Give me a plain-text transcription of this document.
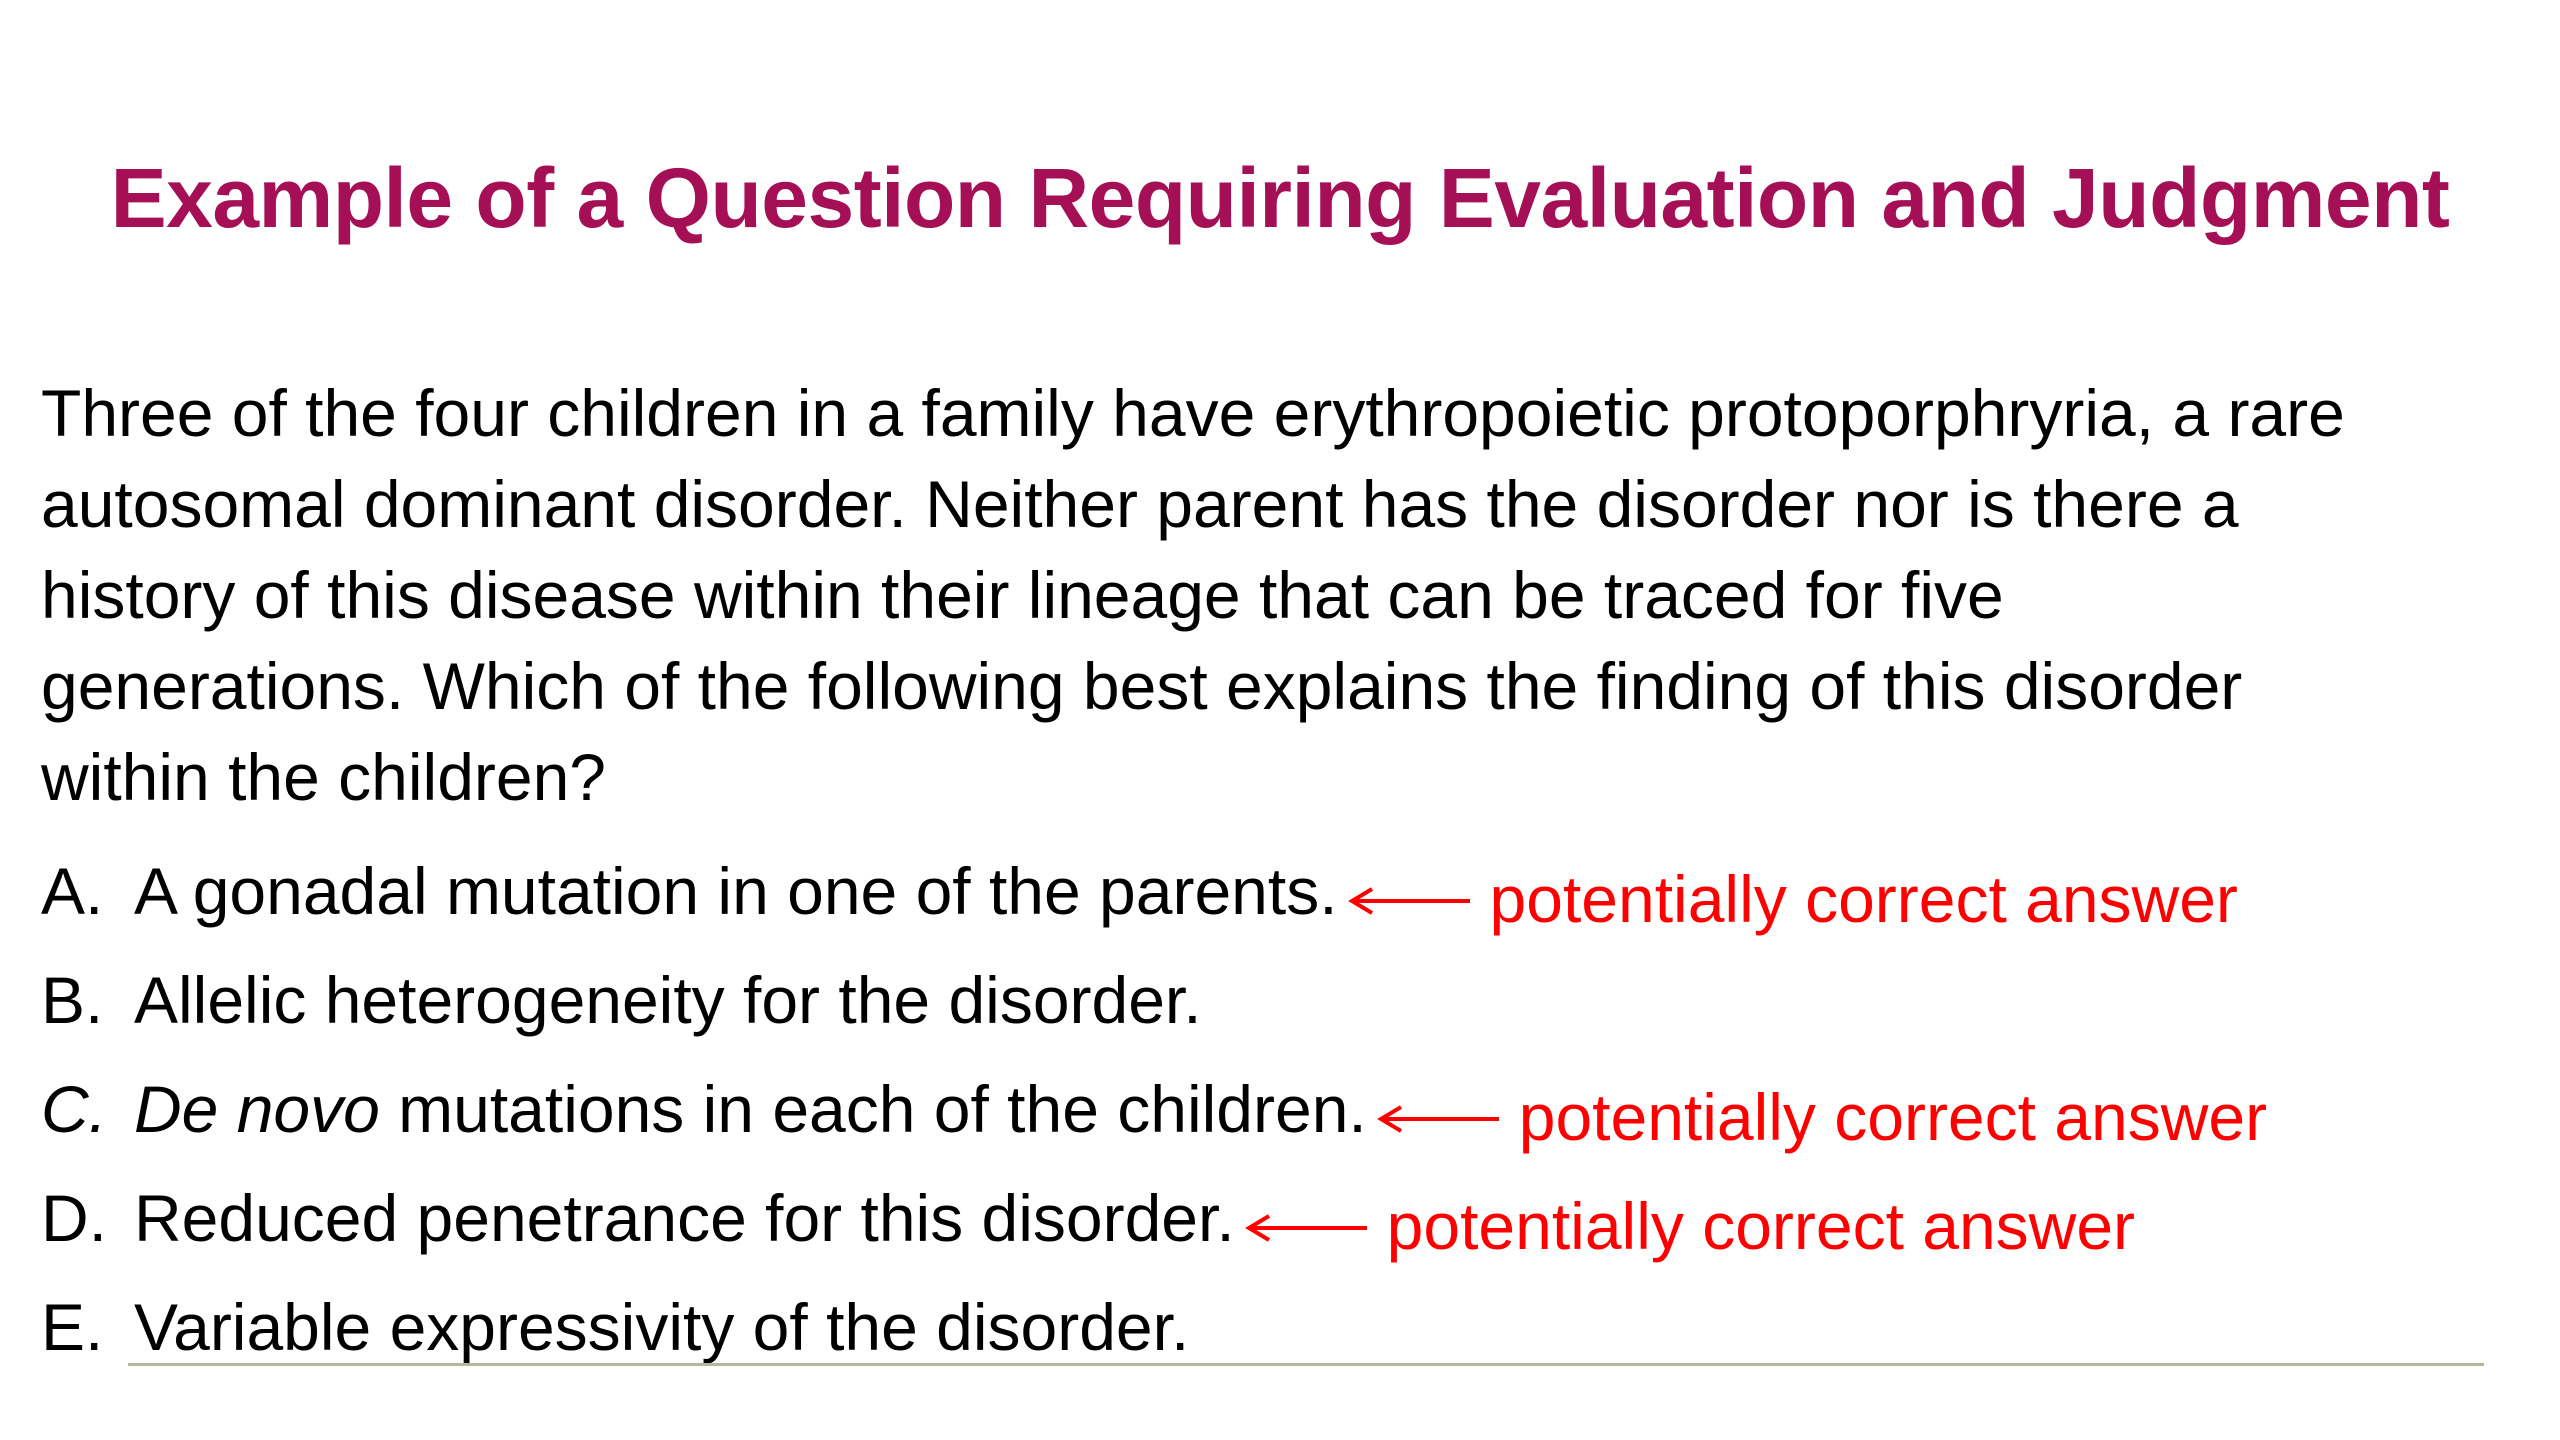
Example of a Question Requiring Evaluation and Judgment

Three of the four children in a family have erythropoietic protoporphryria, a rare
autosomal dominant disorder. Neither parent has the disorder nor is there a
history of this disease within their lineage that can be traced for five
generations. Which of the following best explains the finding of this disorder
within the children?

A. A gonadal mutation in one of the parents. potentially correct answer
B. Allelic heterogeneity for the disorder.
C. De novo mutations in each of the children. potentially correct answer
D. Reduced penetrance for this disorder. potentially correct answer
E. Variable expressivity of the disorder.
